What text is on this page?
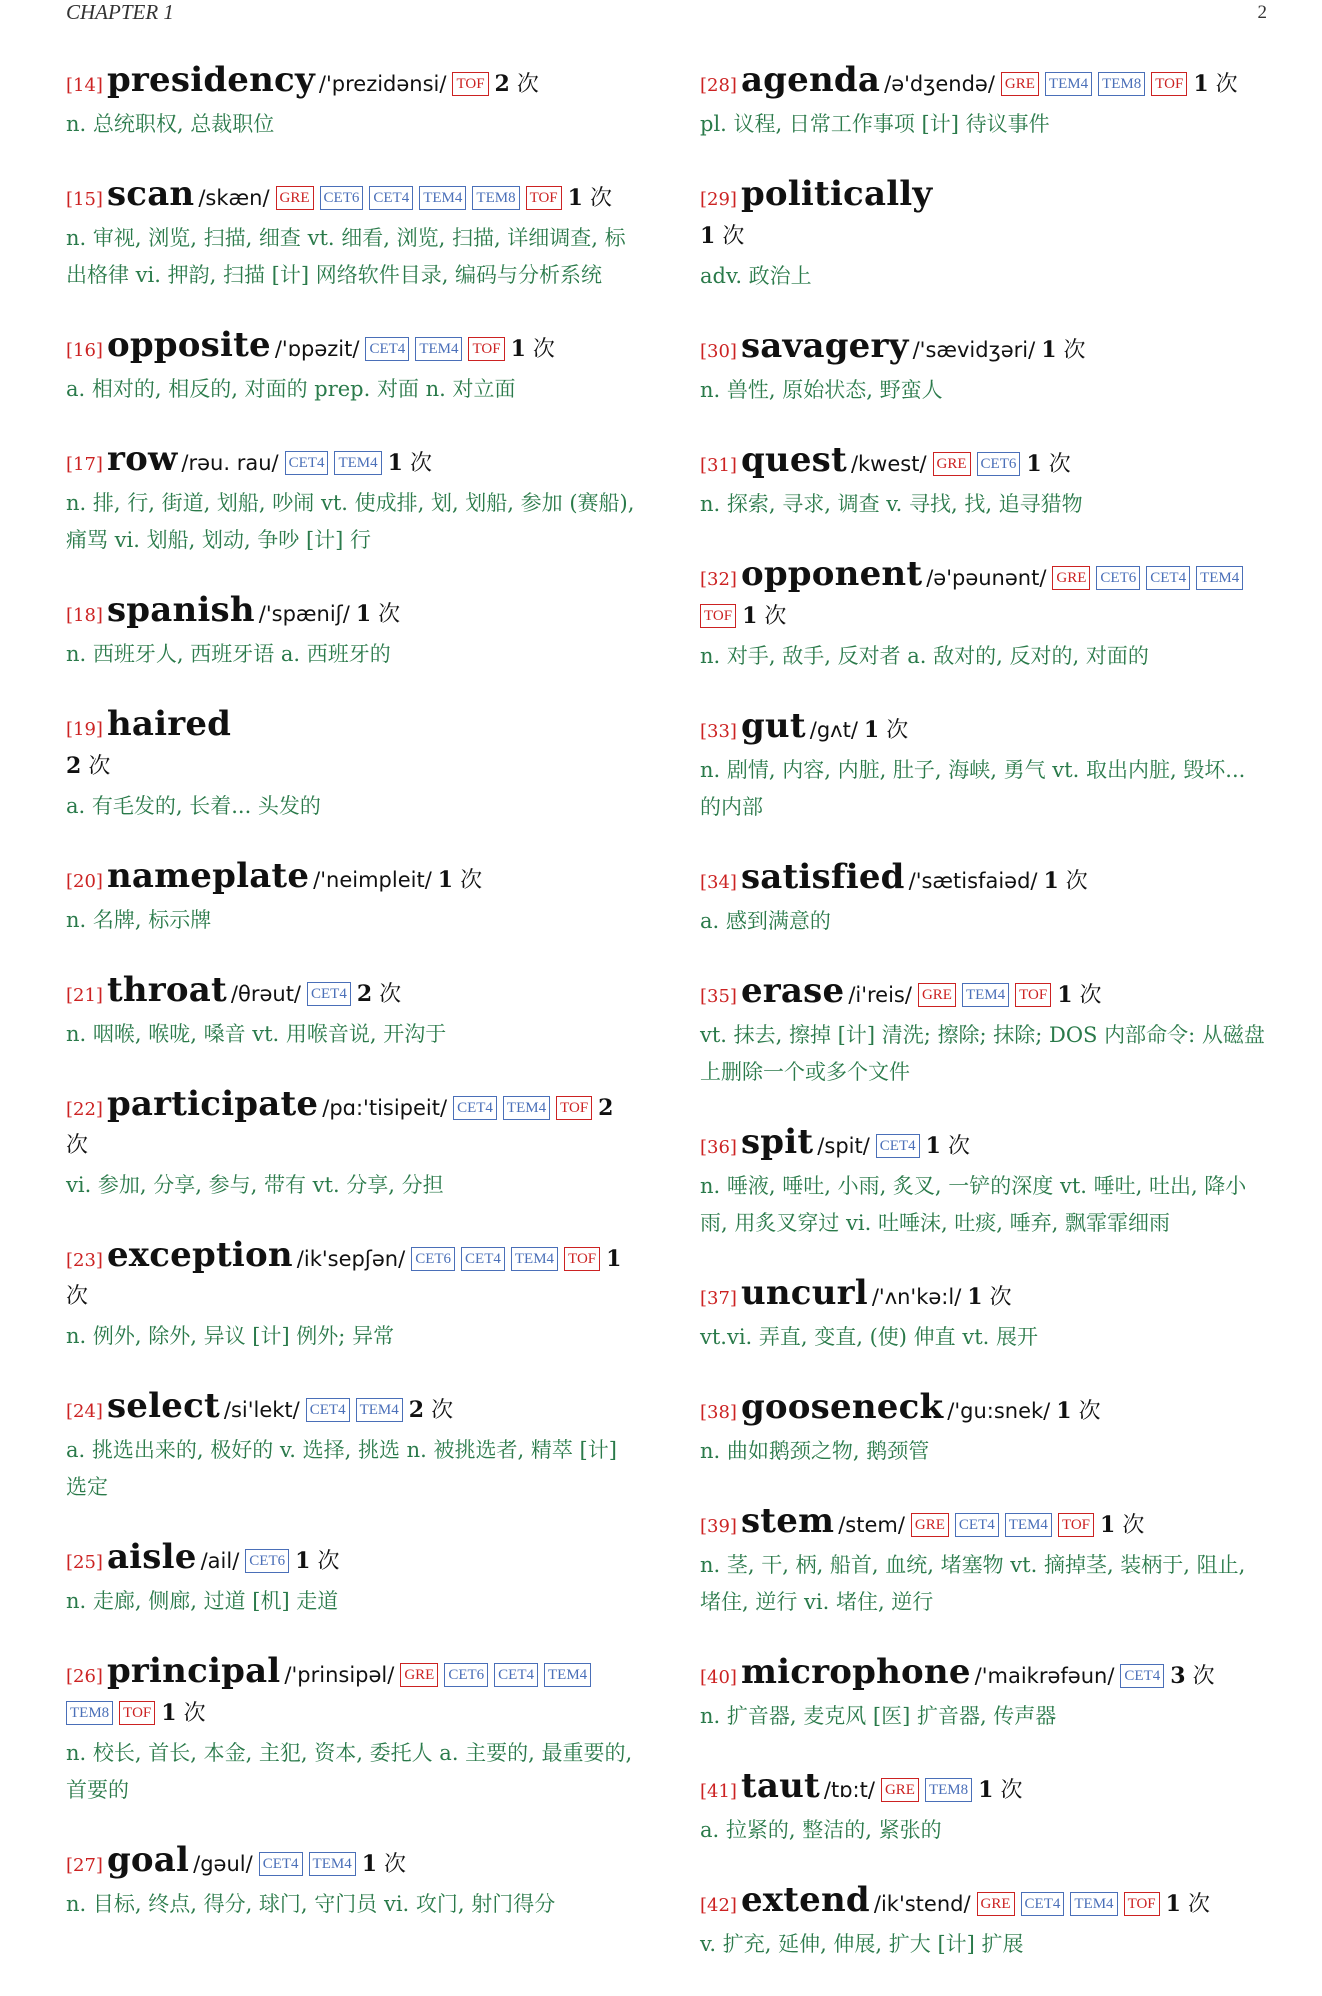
CHAPTER 1	2
[14] presidency /'prezidənsi/ TOF 2 次
n. 总统职权, 总裁职位
[15] scan /skæn/ GRE CET6 CET4 TEM4 TEM8 TOF 1 次
n. 审视, 浏览, 扫描, 细查 vt. 细看, 浏览, 扫描, 详细调查, 标出格律 vi. 押韵, 扫描 [计] 网络软件目录, 编码与分析系统
[16] opposite /'ɒpəzit/ CET4 TEM4 TOF 1 次
a. 相对的, 相反的, 对面的 prep. 对面 n. 对立面
[17] row /rəu. rau/ CET4 TEM4 1 次
n. 排, 行, 街道, 划船, 吵闹 vt. 使成排, 划, 划船, 参加 (赛船), 痛骂 vi. 划船, 划动, 争吵 [计] 行
[18] spanish /'spæniʃ/ 1 次
n. 西班牙人, 西班牙语 a. 西班牙的
[19] haired
2 次
a. 有毛发的, 长着... 头发的
[20] nameplate /'neimpleit/ 1 次
n. 名牌, 标示牌
[21] throat /θrəut/ CET4 2 次
n. 咽喉, 喉咙, 嗓音 vt. 用喉音说, 开沟于
[22] participate /pɑ:'tisipeit/ CET4 TEM4 TOF 2 次
vi. 参加, 分享, 参与, 带有 vt. 分享, 分担
[23] exception /ik'sepʃən/ CET6 CET4 TEM4 TOF 1 次
n. 例外, 除外, 异议 [计] 例外; 异常
[24] select /si'lekt/ CET4 TEM4 2 次
a. 挑选出来的, 极好的 v. 选择, 挑选 n. 被挑选者, 精萃 [计] 选定
[25] aisle /ail/ CET6 1 次
n. 走廊, 侧廊, 过道 [机] 走道
[26] principal /'prinsipəl/ GRE CET6 CET4 TEM4TEM8 TOF 1 次
n. 校长, 首长, 本金, 主犯, 资本, 委托人 a. 主要的, 最重要的, 首要的
[27] goal /gəul/ CET4 TEM4 1 次
n. 目标, 终点, 得分, 球门, 守门员 vi. 攻门, 射门得分
[28] agenda /ə'dʒendə/ GRE TEM4 TEM8 TOF 1 次
pl. 议程, 日常工作事项 [计] 待议事件
[29] politically
1 次
adv. 政治上
[30] savagery /'sævidʒəri/ 1 次
n. 兽性, 原始状态, 野蛮人
[31] quest /kwest/ GRE CET6 1 次
n. 探索, 寻求, 调查 v. 寻找, 找, 追寻猎物
[32] opponent /ə'pəunənt/ GRE CET6 CET4 TEM4TOF 1 次
n. 对手, 敌手, 反对者 a. 敌对的, 反对的, 对面的
[33] gut /gʌt/ 1 次
n. 剧情, 内容, 内脏, 肚子, 海峡, 勇气 vt. 取出内脏, 毁坏... 的内部
[34] satisfied /'sætisfaiəd/ 1 次
a. 感到满意的
[35] erase /i'reis/ GRE TEM4 TOF 1 次
vt. 抹去, 擦掉 [计] 清洗; 擦除; 抹除; DOS 内部命令: 从磁盘上删除一个或多个文件
[36] spit /spit/ CET4 1 次
n. 唾液, 唾吐, 小雨, 炙叉, 一铲的深度 vt. 唾吐, 吐出, 降小雨, 用炙叉穿过 vi. 吐唾沫, 吐痰, 唾弃, 飘霏霏细雨
[37] uncurl /'ʌn'kə:l/ 1 次
vt.vi. 弄直, 变直, (使) 伸直 vt. 展开
[38] gooseneck /'gu:snek/ 1 次
n. 曲如鹅颈之物, 鹅颈管
[39] stem /stem/ GRE CET4 TEM4 TOF 1 次
n. 茎, 干, 柄, 船首, 血统, 堵塞物 vt. 摘掉茎, 装柄于, 阻止, 堵住, 逆行 vi. 堵住, 逆行
[40] microphone /'maikrəfəun/ CET4 3 次
n. 扩音器, 麦克风 [医] 扩音器, 传声器
[41] taut /tɒ:t/ GRE TEM8 1 次
a. 拉紧的, 整洁的, 紧张的
[42] extend /ik'stend/ GRE CET4 TEM4 TOF 1 次
v. 扩充, 延伸, 伸展, 扩大 [计] 扩展
